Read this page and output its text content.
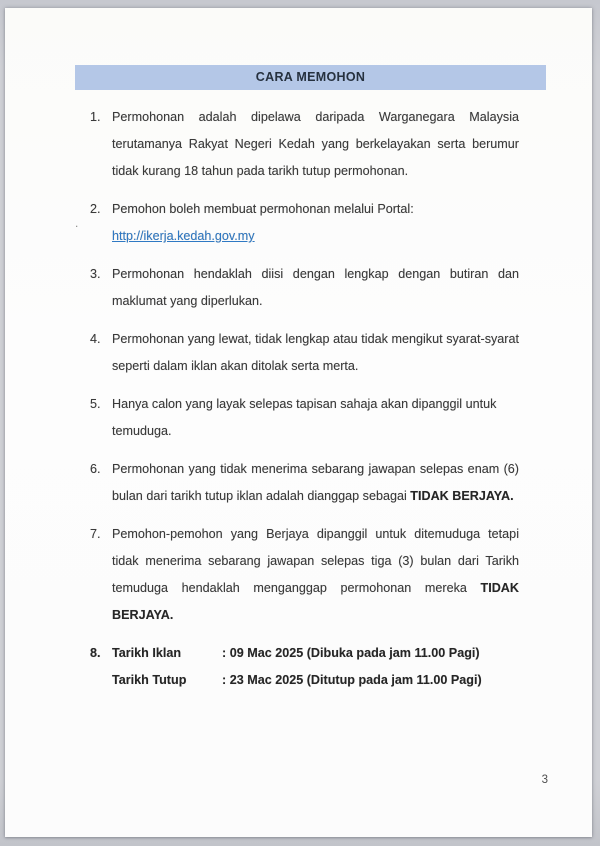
CARA MEMOHON
1. Permohonan adalah dipelawa daripada Warganegara Malaysia terutamanya Rakyat Negeri Kedah yang berkelayakan serta berumur tidak kurang 18 tahun pada tarikh tutup permohonan.
2. Pemohon boleh membuat permohonan melalui Portal: http://ikerja.kedah.gov.my
3. Permohonan hendaklah diisi dengan lengkap dengan butiran dan maklumat yang diperlukan.
4. Permohonan yang lewat, tidak lengkap atau tidak mengikut syarat-syarat seperti dalam iklan akan ditolak serta merta.
5. Hanya calon yang layak selepas tapisan sahaja akan dipanggil untuk temuduga.
6. Permohonan yang tidak menerima sebarang jawapan selepas enam (6) bulan dari tarikh tutup iklan adalah dianggap sebagai TIDAK BERJAYA.
7. Pemohon-pemohon yang Berjaya dipanggil untuk ditemuduga tetapi tidak menerima sebarang jawapan selepas tiga (3) bulan dari Tarikh temuduga hendaklah menganggap permohonan mereka TIDAK BERJAYA.
8. Tarikh Iklan	: 09 Mac 2025 (Dibuka pada jam 11.00 Pagi)
Tarikh Tutup	: 23 Mac 2025 (Ditutup pada jam 11.00 Pagi)
.
3
